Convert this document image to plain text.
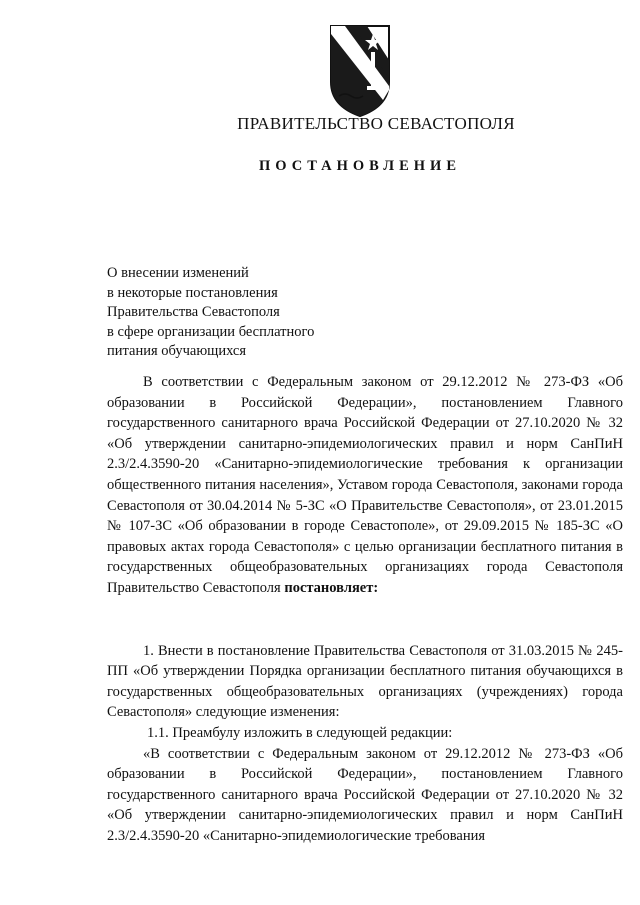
ПРАВИТЕЛЬСТВО СЕВАСТОПОЛЯ
ПОСТАНОВЛЕНИЕ
О внесении изменений
в некоторые постановления
Правительства Севастополя
в сфере организации бесплатного
питания обучающихся

В соответствии с Федеральным законом от 29.12.2012 № 273-ФЗ «Об образовании в Российской Федерации», постановлением Главного государственного санитарного врача Российской Федерации от 27.10.2020 № 32 «Об утверждении санитарно-эпидемиологических правил и норм СанПиН 2.3/2.4.3590-20 «Санитарно-эпидемиологические требования к организации общественного питания населения», Уставом города Севастополя, законами города Севастополя от 30.04.2014 № 5-ЗС «О Правительстве Севастополя», от 23.01.2015 № 107-ЗС «Об образовании в городе Севастополе», от 29.09.2015 № 185-ЗС «О правовых актах города Севастополя» с целью организации бесплатного питания в государственных общеобразовательных организациях города Севастополя Правительство Севастополя постановляет:

1. Внести в постановление Правительства Севастополя от 31.03.2015 № 245-ПП «Об утверждении Порядка организации бесплатного питания обучающихся в государственных общеобразовательных организациях (учреждениях) города Севастополя» следующие изменения:

1.1. Преамбулу изложить в следующей редакции:

«В соответствии с Федеральным законом от 29.12.2012 № 273-ФЗ «Об образовании в Российской Федерации», постановлением Главного государственного санитарного врача Российской Федерации от 27.10.2020 № 32 «Об утверждении санитарно-эпидемиологических правил и норм СанПиН 2.3/2.4.3590-20 «Санитарно-эпидемиологические требования
